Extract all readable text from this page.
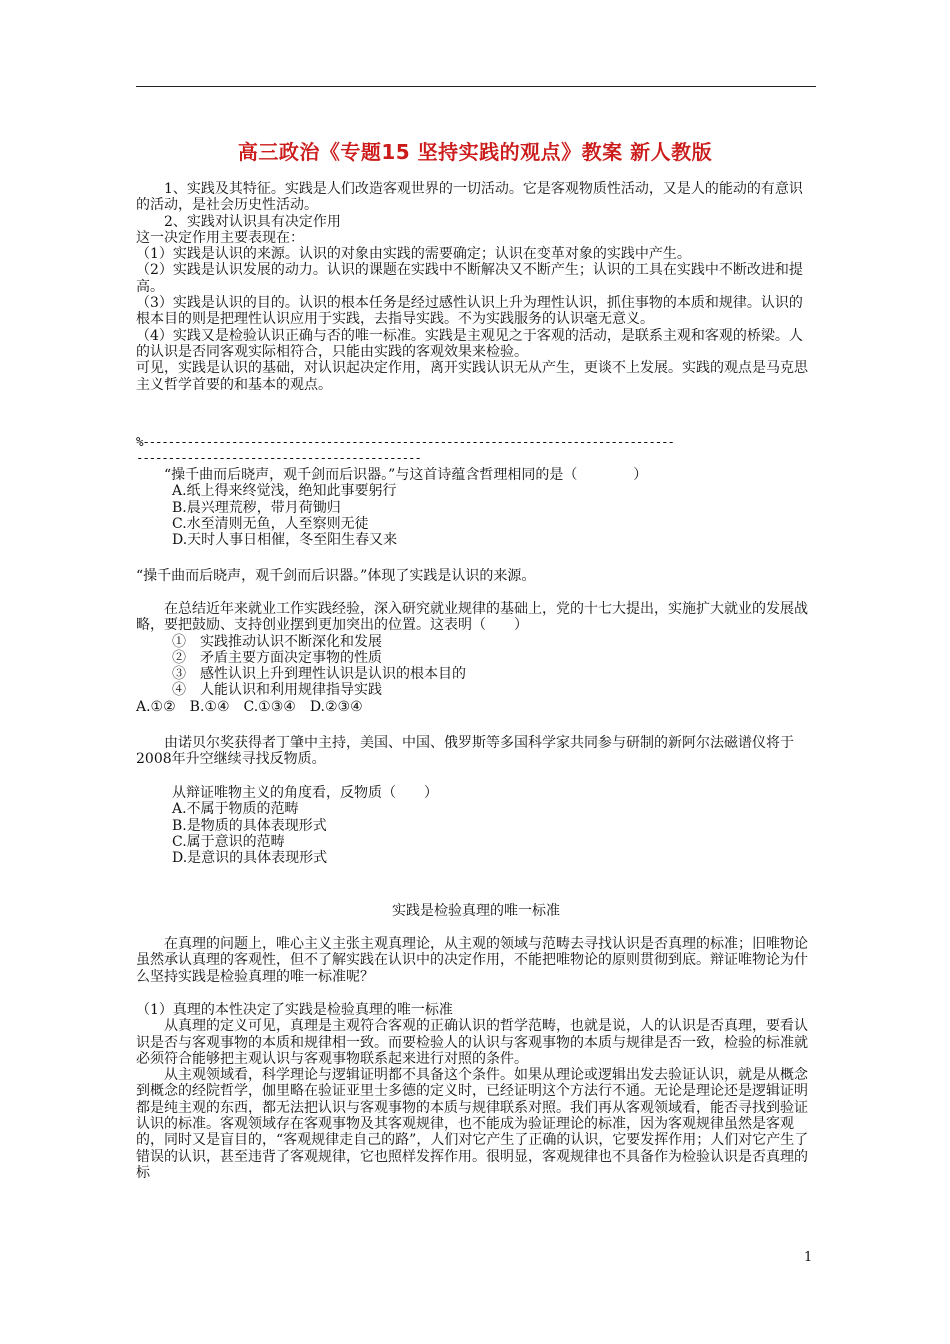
高三政治《专题15 坚持实践的观点》教案 新人教版

1、实践及其特征。实践是人们改造客观世界的一切活动。它是客观物质性活动，又是人的能动的有意识的活动，是社会历史性活动。

2、实践对认识具有决定作用

这一决定作用主要表现在：

（1）实践是认识的来源。认识的对象由实践的需要确定；认识在变革对象的实践中产生。

（2）实践是认识发展的动力。认识的课题在实践中不断解决又不断产生；认识的工具在实践中不断改进和提高。

（3）实践是认识的目的。认识的根本任务是经过感性认识上升为理性认识，抓住事物的本质和规律。认识的根本目的则是把理性认识应用于实践，去指导实践。不为实践服务的认识毫无意义。

（4）实践又是检验认识正确与否的唯一标准。实践是主观见之于客观的活动，是联系主观和客观的桥梁。人的认识是否同客观实际相符合，只能由实践的客观效果来检验。

可见，实践是认识的基础，对认识起决定作用，离开实践认识无从产生，更谈不上发展。实践的观点是马克思主义哲学首要的和基本的观点。

%------------------------------------------------------------------------------------
---------------------------------------------

“操千曲而后晓声，观千剑而后识器。”与这首诗蕴含哲理相同的是（　　　　）

A.纸上得来终觉浅，绝知此事要躬行

B.晨兴理荒秽，带月荷锄归

C.水至清则无鱼，人至察则无徒

D.天时人事日相催，冬至阳生春又来

“操千曲而后晓声，观千剑而后识器。”体现了实践是认识的来源。

在总结近年来就业工作实践经验，深入研究就业规律的基础上，党的十七大提出，实施扩大就业的发展战略，要把鼓励、支持创业摆到更加突出的位置。这表明（　　）

①　实践推动认识不断深化和发展

②　矛盾主要方面决定事物的性质

③　感性认识上升到理性认识是认识的根本目的

④　人能认识和利用规律指导实践

A.①②　B.①④　C.①③④　D.②③④

由诺贝尔奖获得者丁肇中主持，美国、中国、俄罗斯等多国科学家共同参与研制的新阿尔法磁谱仪将于2008年升空继续寻找反物质。

从辩证唯物主义的角度看，反物质（　　）

A.不属于物质的范畴

B.是物质的具体表现形式

C.属于意识的范畴

D.是意识的具体表现形式

实践是检验真理的唯一标准

在真理的问题上，唯心主义主张主观真理论，从主观的领域与范畴去寻找认识是否真理的标准；旧唯物论虽然承认真理的客观性，但不了解实践在认识中的决定作用，不能把唯物论的原则贯彻到底。辩证唯物论为什么坚持实践是检验真理的唯一标准呢？

（1）真理的本性决定了实践是检验真理的唯一标准

从真理的定义可见，真理是主观符合客观的正确认识的哲学范畴，也就是说，人的认识是否真理，要看认识是否与客观事物的本质和规律相一致。而要检验人的认识与客观事物的本质与规律是否一致，检验的标准就必须符合能够把主观认识与客观事物联系起来进行对照的条件。

从主观领域看，科学理论与逻辑证明都不具备这个条件。如果从理论或逻辑出发去验证认识，就是从概念到概念的经院哲学，伽里略在验证亚里士多德的定义时，已经证明这个方法行不通。无论是理论还是逻辑证明都是纯主观的东西，都无法把认识与客观事物的本质与规律联系对照。我们再从客观领域看，能否寻找到验证认识的标准。客观领域存在客观事物及其客观规律，也不能成为验证理论的标准，因为客观规律虽然是客观的，同时又是盲目的，“客观规律走自己的路”，人们对它产生了正确的认识，它要发挥作用；人们对它产生了错误的认识，甚至违背了客观规律，它也照样发挥作用。很明显，客观规律也不具备作为检验认识是否真理的标

1
